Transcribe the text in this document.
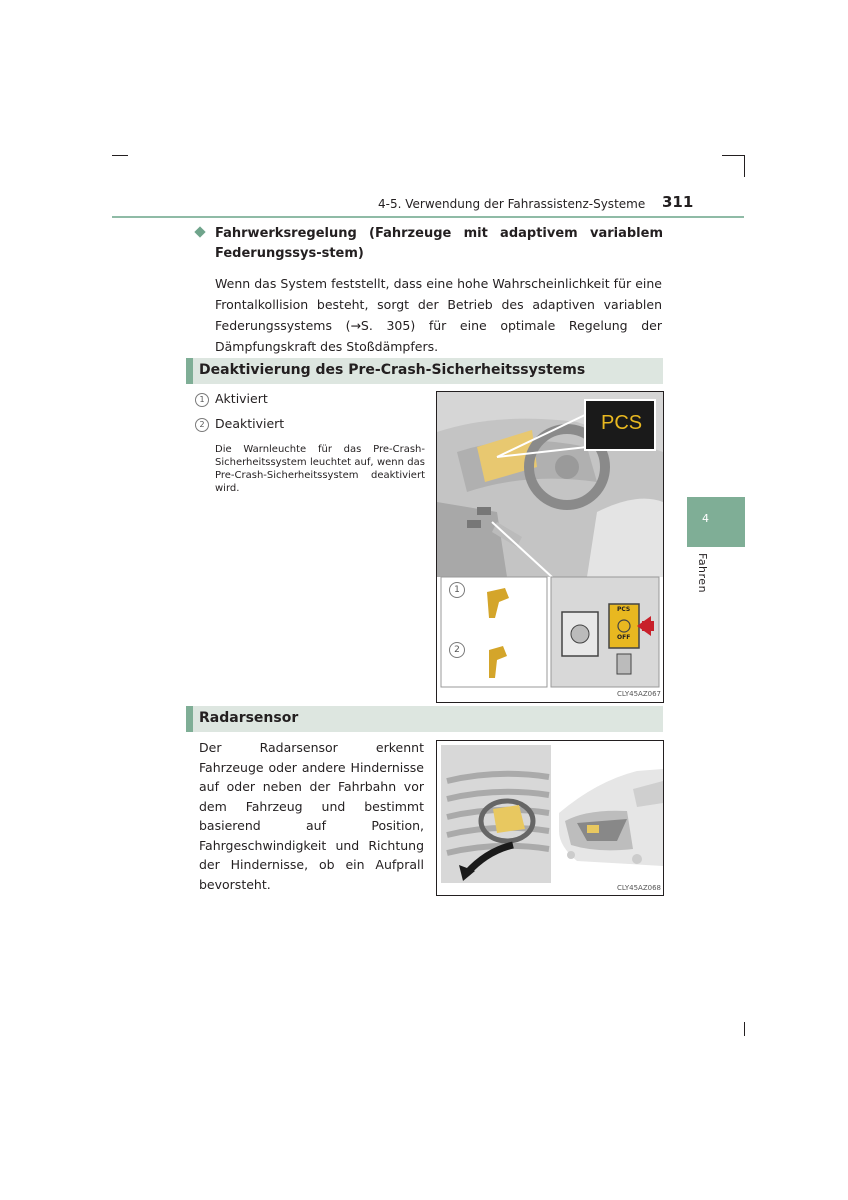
4-5. Verwendung der Fahrassistenz-Systeme 311
4
Fahren
Fahrwerksregelung (Fahrzeuge mit adaptivem variablem Federungssys-stem)
Wenn das System feststellt, dass eine hohe Wahrscheinlichkeit für eine Frontalkollision besteht, sorgt der Betrieb des adaptiven variablen Federungssystems (→S. 305) für eine optimale Regelung der Dämpfungskraft des Stoßdämpfers.
Deaktivierung des Pre-Crash-Sicherheitssystems
1 Aktiviert
2 Deaktiviert
Die Warnleuchte für das Pre-Crash-Sicherheitssystem leuchtet auf, wenn das Pre-Crash-Sicherheitssystem deaktiviert wird.
PCS
PCS
OFF
1
2
CLY45AZ067
Radarsensor
Der Radarsensor erkennt Fahrzeuge oder andere Hindernisse auf oder neben der Fahrbahn vor dem Fahrzeug und bestimmt basierend auf Position, Fahrgeschwindigkeit und Richtung der Hindernisse, ob ein Aufprall bevorsteht.	CLY45AZ068
